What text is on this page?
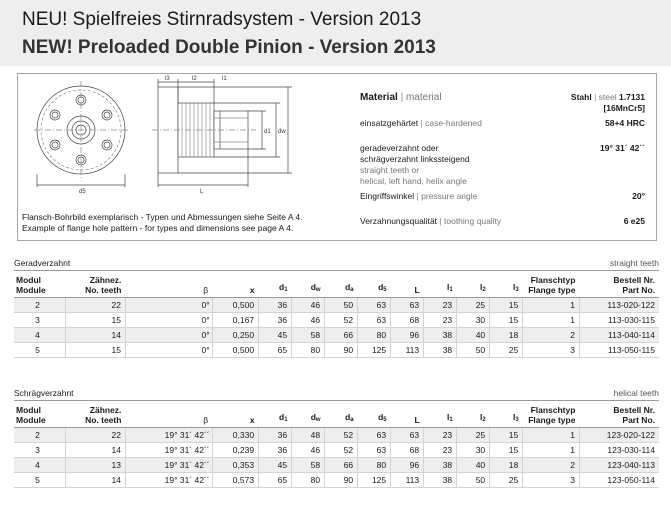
NEU! Spielfreies Stirnradsystem - Version 2013
NEW! Preloaded Double Pinion - Version 2013
l3	l2	l1
d1 dw
d5	L
Flansch-Bohrbild exemplarisch - Typen und Abmessungen siehe Seite A 4.
Example of flange hole pattern - for types and dimensions see page A 4.
Material | material	Stahl | steel 1.7131
[16MnCr5]
einsatzgehärtet | case-hardened	58+4 HRC
geradeverzahnt oder
schrägverzahnt linkssteigend
straight teeth or
helical, left hand, helix angle
19° 31´ 42´´
Eingriffswinkel | pressure angle	20°
Verzahnungsqualität | toothing quality	6 e25
Geradverzahnt	straight teeth
Modul
Module	Zähnez.
No. teeth	β	x	$d_1$	$d_w$	$d_a$	$d_5$	L	$l_1$	$l_2$	$l_3$	Flanschtyp
Flange type	Bestell Nr.
Part No.
2	22	0°	0,500	36	46	50	63	63	23	25	15	1	113-020-122
3	15	0°	0,167	36	46	52	63	68	23	30	15	1	113-030-115
4	14	0°	0,250	45	58	66	80	96	38	40	18	2	113-040-114
5	15	0°	0,500	65	80	90	125	113	38	50	25	3	113-050-115
Schrägverzahnt	helical teeth
Modul
Module	Zähnez.
No. teeth	β	x	$d_1$	$d_w$	$d_a$	$d_5$	L	$l_1$	$l_2$	$l_3$	Flanschtyp
Flange type	Bestell Nr.
Part No.
2	22	19° 31´ 42´´	0,330	36	48	52	63	63	23	25	15	1	123-020-122
3	14	19° 31´ 42´´	0,239	36	46	52	63	68	23	30	15	1	123-030-114
4	13	19° 31´ 42´´	0,353	45	58	66	80	96	38	40	18	2	123-040-113
5	14	19° 31´ 42´´	0,573	65	80	90	125	113	38	50	25	3	123-050-114
